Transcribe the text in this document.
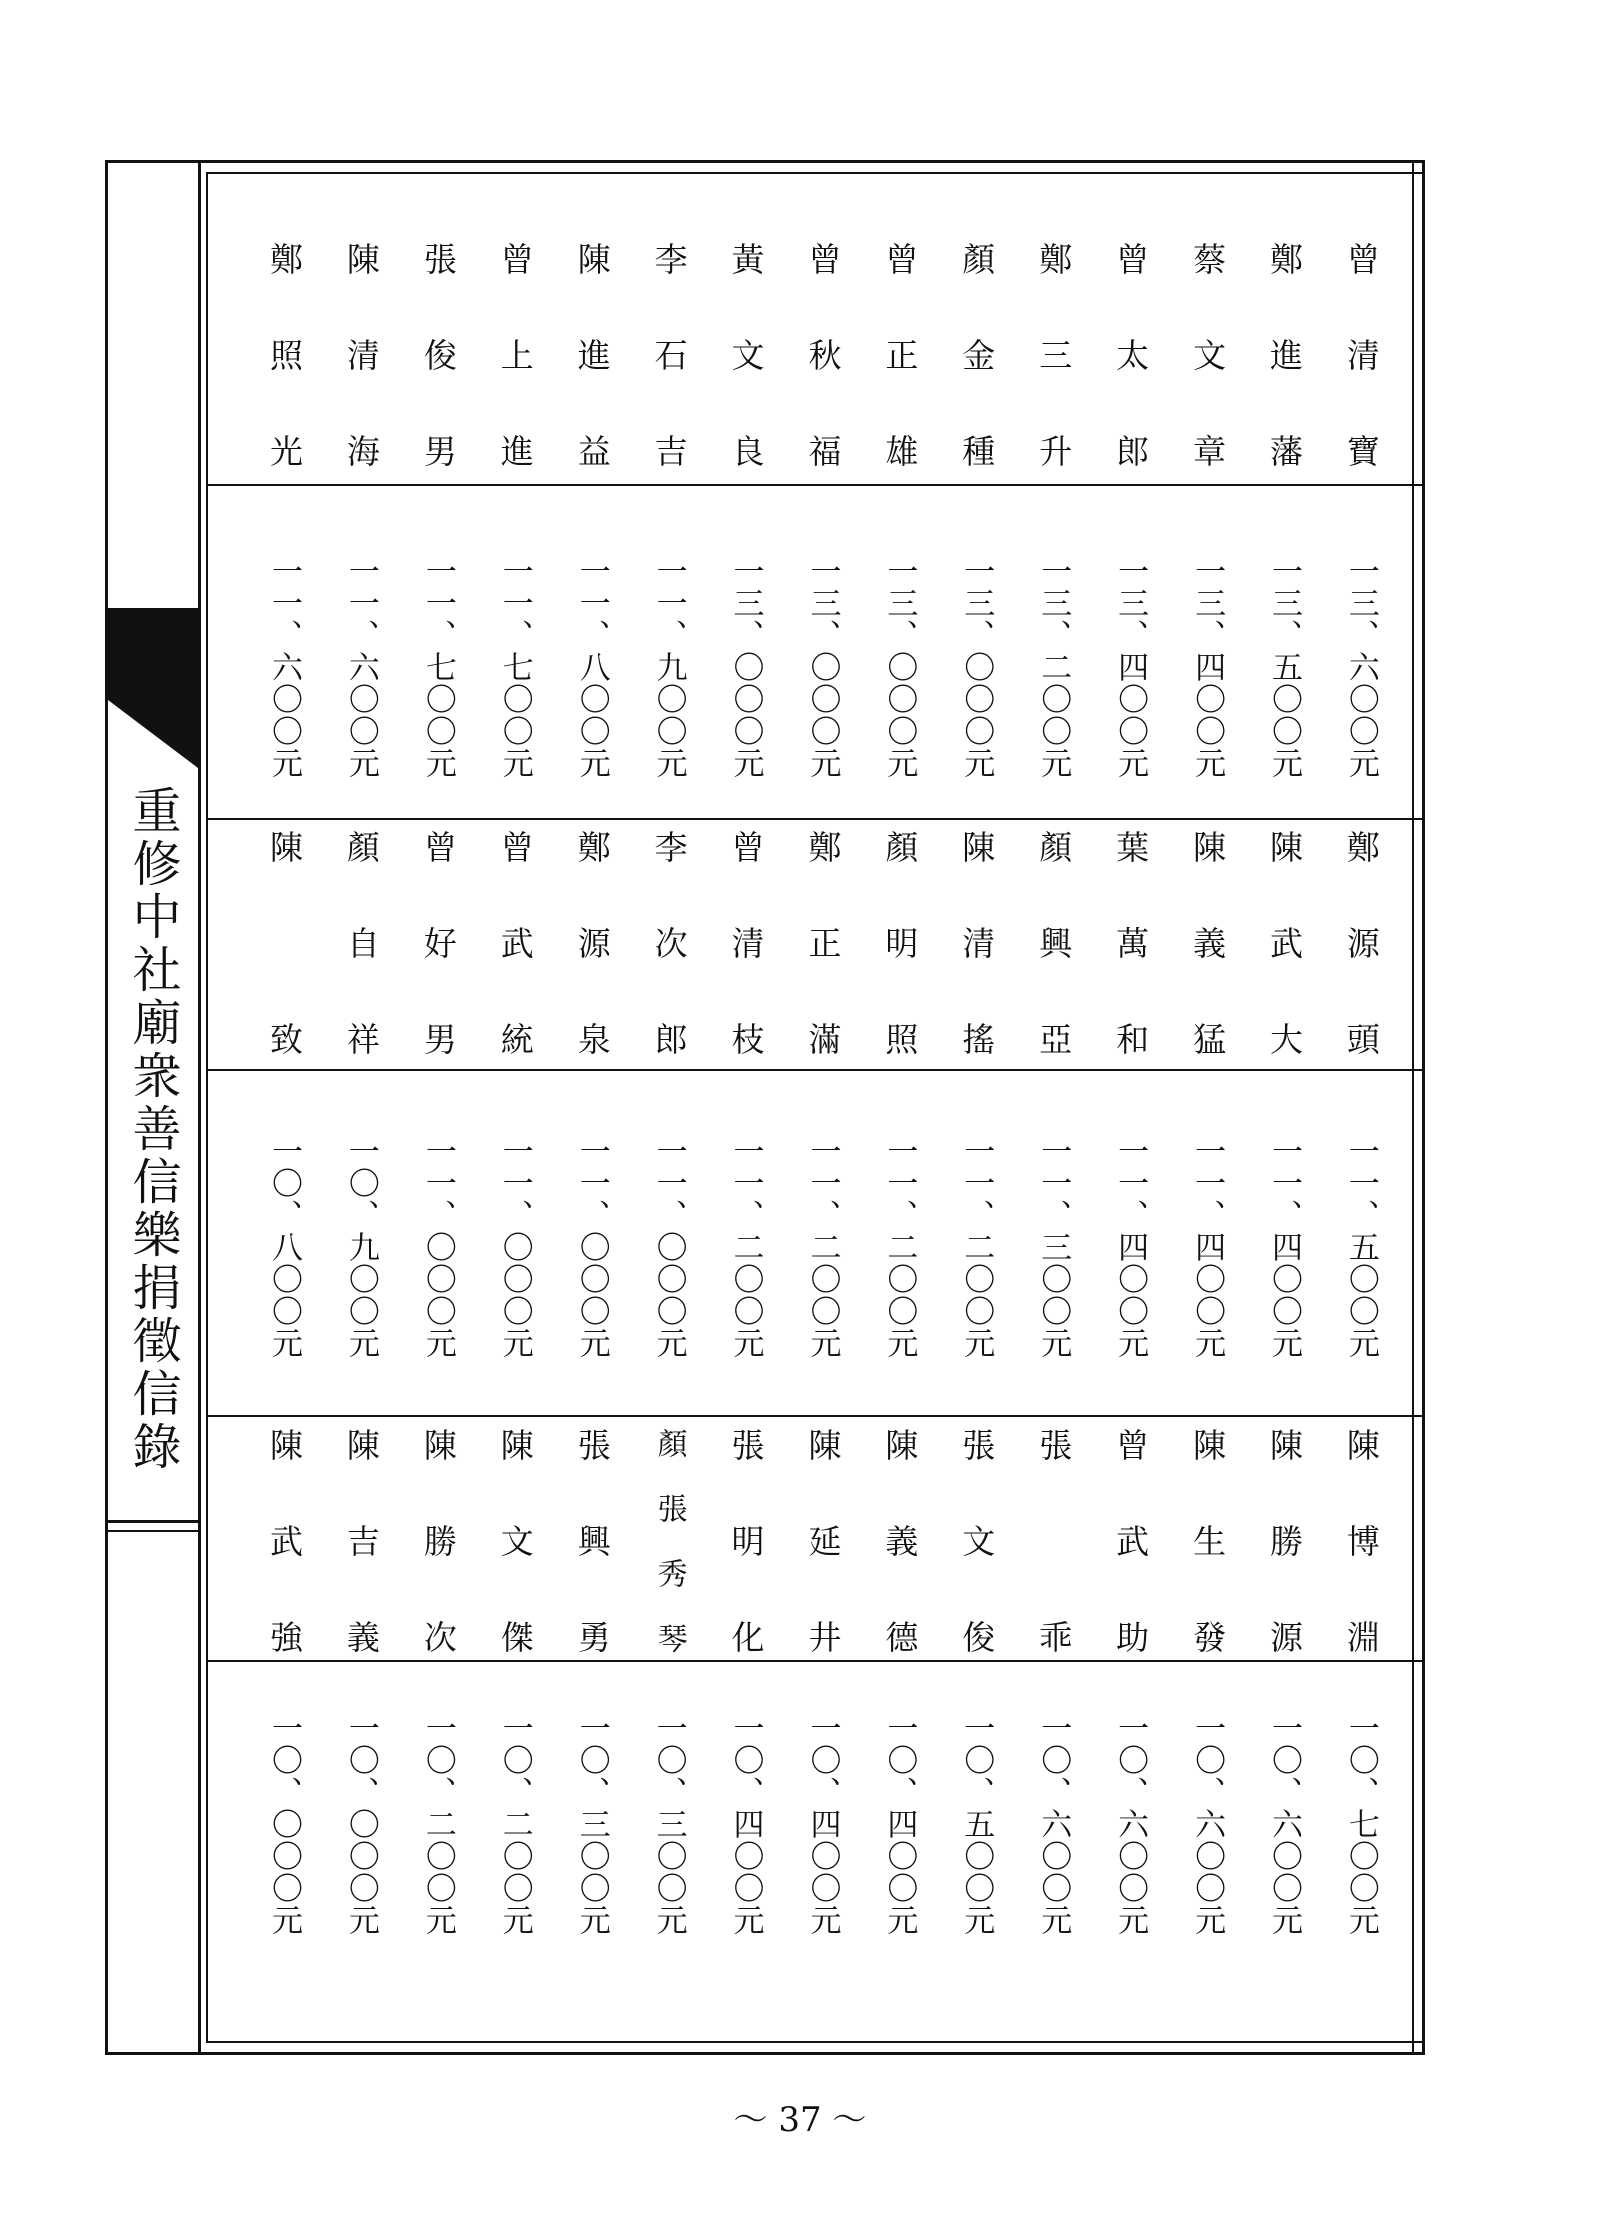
重修中社廟衆善信樂捐徵信錄
曾清寶
鄭進藩
蔡文章
曾太郎
鄭三升
顏金種
曾正雄
曾秋福
黃文良
李石吉
陳進益
曾上進
張俊男
陳清海
鄭照光
一三、六〇〇元
一三、五〇〇元
一三、四〇〇元
一三、四〇〇元
一三、二〇〇元
一三、〇〇〇元
一三、〇〇〇元
一三、〇〇〇元
一三、〇〇〇元
一一、九〇〇元
一一、八〇〇元
一一、七〇〇元
一一、七〇〇元
一一、六〇〇元
一一、六〇〇元
鄭源頭
陳武大
陳義猛
葉萬和
顏興亞
陳清搖
顏明照
鄭正滿
曾清枝
李次郎
鄭源泉
曾武統
曾好男
顏自祥
陳　致
一一、五〇〇元
一一、四〇〇元
一一、四〇〇元
一一、四〇〇元
一一、三〇〇元
一一、二〇〇元
一一、二〇〇元
一一、二〇〇元
一一、二〇〇元
一一、〇〇〇元
一一、〇〇〇元
一一、〇〇〇元
一一、〇〇〇元
一〇、九〇〇元
一〇、八〇〇元
陳博淵
陳勝源
陳生發
曾武助
張　乖
張文俊
陳義德
陳延井
張明化
顏張秀琴
張興勇
陳文傑
陳勝次
陳吉義
陳武強
一〇、七〇〇元
一〇、六〇〇元
一〇、六〇〇元
一〇、六〇〇元
一〇、六〇〇元
一〇、五〇〇元
一〇、四〇〇元
一〇、四〇〇元
一〇、四〇〇元
一〇、三〇〇元
一〇、三〇〇元
一〇、二〇〇元
一〇、二〇〇元
一〇、〇〇〇元
一〇、〇〇〇元
～ 37 ～
